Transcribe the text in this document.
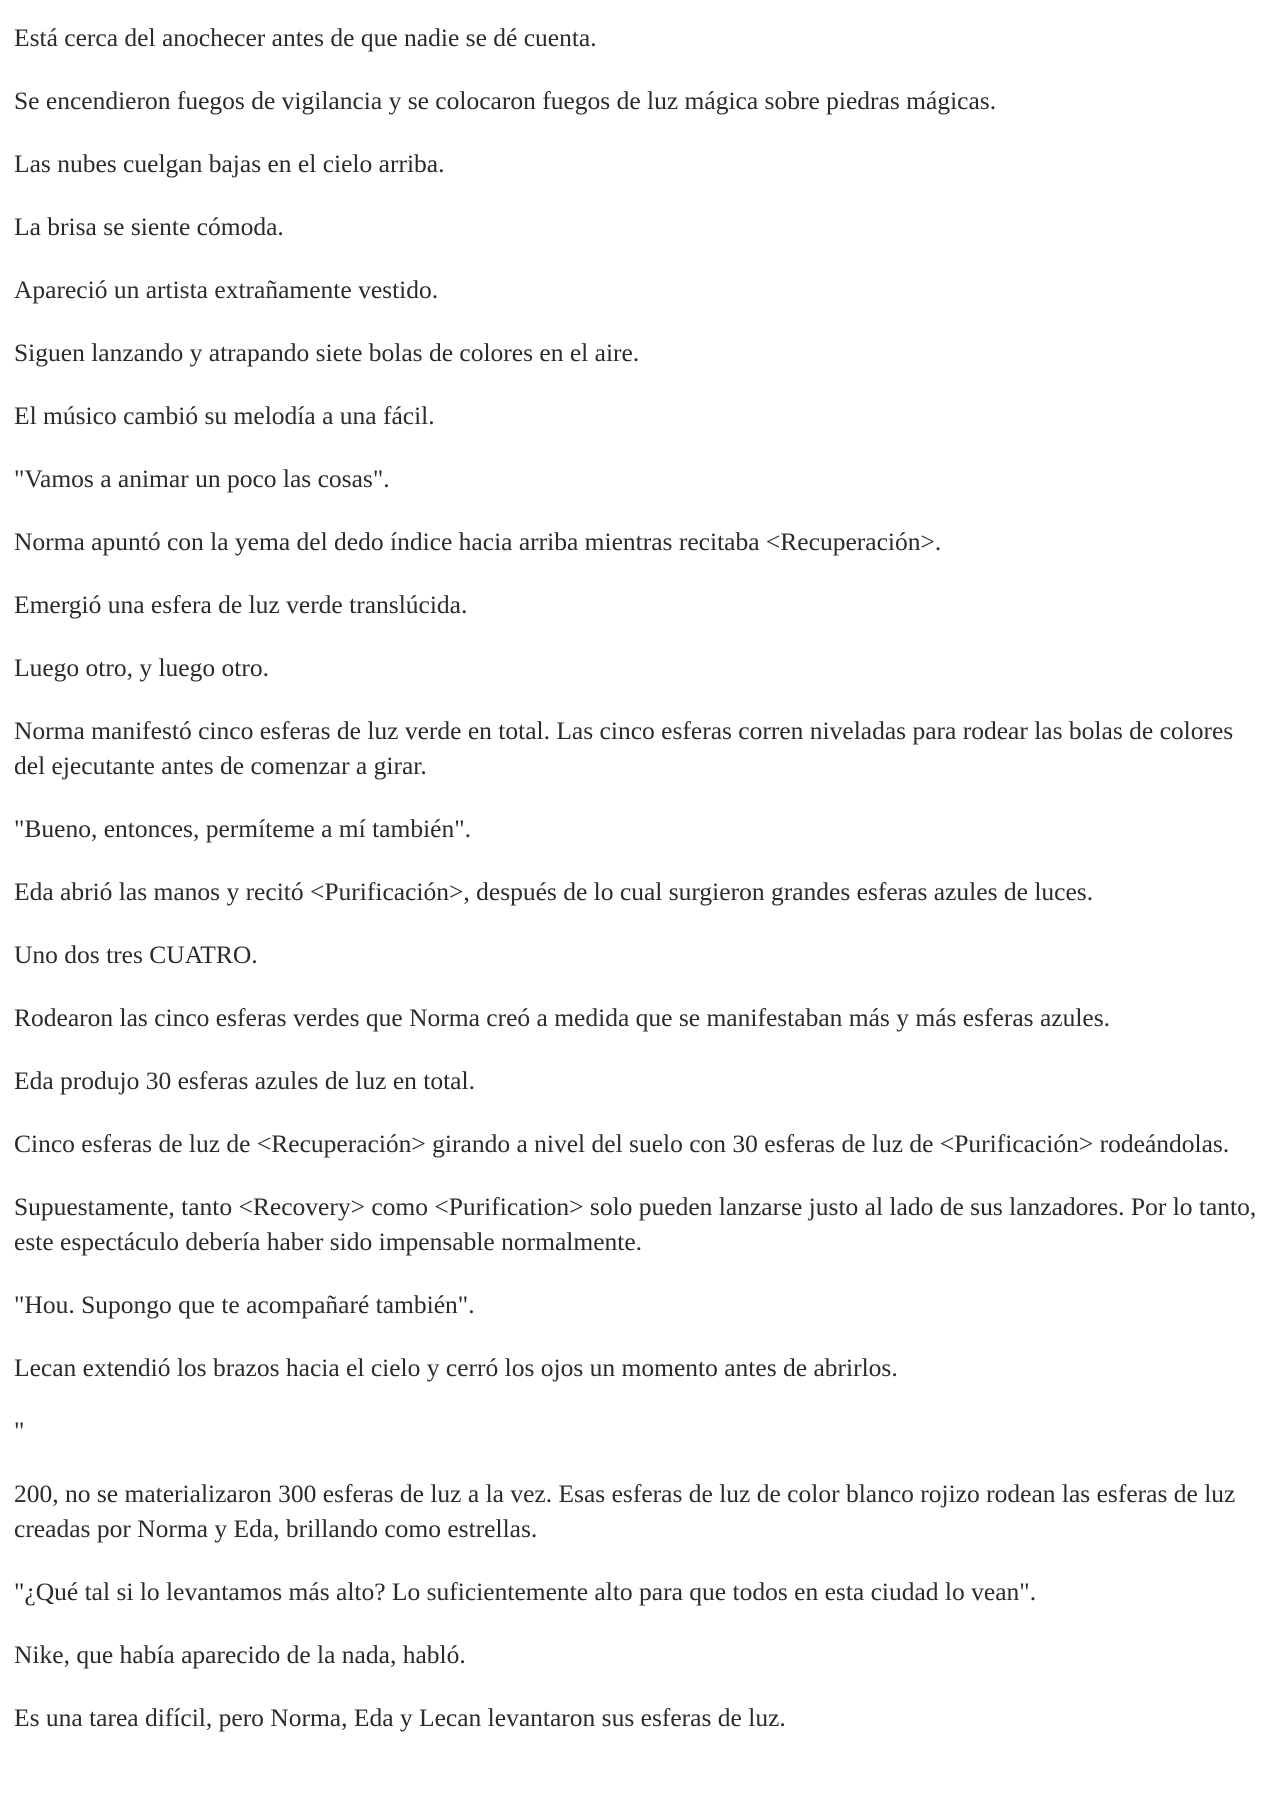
Está cerca del anochecer antes de que nadie se dé cuenta.

Se encendieron fuegos de vigilancia y se colocaron fuegos de luz mágica sobre piedras mágicas.

Las nubes cuelgan bajas en el cielo arriba.

La brisa se siente cómoda.

Apareció un artista extrañamente vestido.

Siguen lanzando y atrapando siete bolas de colores en el aire.

El músico cambió su melodía a una fácil.

"Vamos a animar un poco las cosas".

Norma apuntó con la yema del dedo índice hacia arriba mientras recitaba <Recuperación>.

Emergió una esfera de luz verde translúcida.

Luego otro, y luego otro.

Norma manifestó cinco esferas de luz verde en total. Las cinco esferas corren niveladas para rodear las bolas de colores del ejecutante antes de comenzar a girar.

"Bueno, entonces, permíteme a mí también".

Eda abrió las manos y recitó <Purificación>, después de lo cual surgieron grandes esferas azules de luces.

Uno dos tres CUATRO.

Rodearon las cinco esferas verdes que Norma creó a medida que se manifestaban más y más esferas azules.

Eda produjo 30 esferas azules de luz en total.

Cinco esferas de luz de <Recuperación> girando a nivel del suelo con 30 esferas de luz de <Purificación> rodeándolas.

Supuestamente, tanto <Recovery> como <Purification> solo pueden lanzarse justo al lado de sus lanzadores. Por lo tanto, este espectáculo debería haber sido impensable normalmente.

"Hou. Supongo que te acompañaré también".

Lecan extendió los brazos hacia el cielo y cerró los ojos un momento antes de abrirlos.

"

200, no se materializaron 300 esferas de luz a la vez. Esas esferas de luz de color blanco rojizo rodean las esferas de luz creadas por Norma y Eda, brillando como estrellas.

"¿Qué tal si lo levantamos más alto? Lo suficientemente alto para que todos en esta ciudad lo vean".

Nike, que había aparecido de la nada, habló.

Es una tarea difícil, pero Norma, Eda y Lecan levantaron sus esferas de luz.
